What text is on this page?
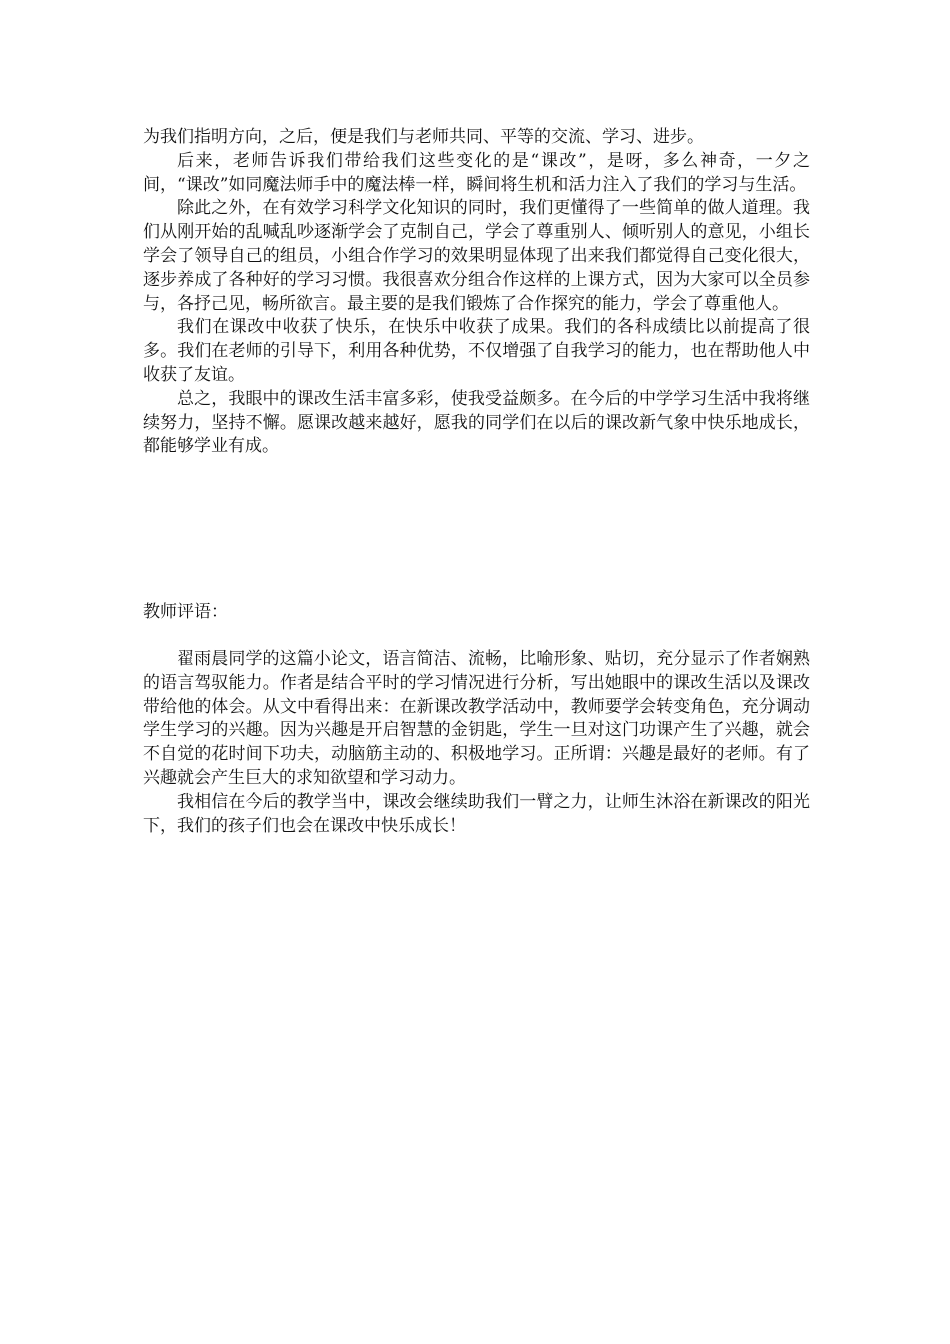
为我们指明方向，之后，便是我们与老师共同、平等的交流、学习、进步。

后来，老师告诉我们带给我们这些变化的是“课改”，是呀，多么神奇，一夕之间，“课改”如同魔法师手中的魔法棒一样，瞬间将生机和活力注入了我们的学习与生活。

除此之外，在有效学习科学文化知识的同时，我们更懂得了一些简单的做人道理。我们从刚开始的乱喊乱吵逐渐学会了克制自己，学会了尊重别人、倾听别人的意见，小组长学会了领导自己的组员，小组合作学习的效果明显体现了出来我们都觉得自己变化很大，逐步养成了各种好的学习习惯。我很喜欢分组合作这样的上课方式，因为大家可以全员参与，各抒己见，畅所欲言。最主要的是我们锻炼了合作探究的能力，学会了尊重他人。

我们在课改中收获了快乐，在快乐中收获了成果。我们的各科成绩比以前提高了很多。我们在老师的引导下，利用各种优势，不仅增强了自我学习的能力，也在帮助他人中收获了友谊。

总之，我眼中的课改生活丰富多彩，使我受益颇多。在今后的中学学习生活中我将继续努力，坚持不懈。愿课改越来越好，愿我的同学们在以后的课改新气象中快乐地成长，都能够学业有成。

教师评语：

翟雨晨同学的这篇小论文，语言简洁、流畅，比喻形象、贴切，充分显示了作者娴熟的语言驾驭能力。作者是结合平时的学习情况进行分析，写出她眼中的课改生活以及课改带给他的体会。从文中看得出来：在新课改教学活动中，教师要学会转变角色，充分调动学生学习的兴趣。因为兴趣是开启智慧的金钥匙，学生一旦对这门功课产生了兴趣，就会不自觉的花时间下功夫，动脑筋主动的、积极地学习。正所谓：兴趣是最好的老师。有了兴趣就会产生巨大的求知欲望和学习动力。

我相信在今后的教学当中，课改会继续助我们一臂之力，让师生沐浴在新课改的阳光下，我们的孩子们也会在课改中快乐成长！
